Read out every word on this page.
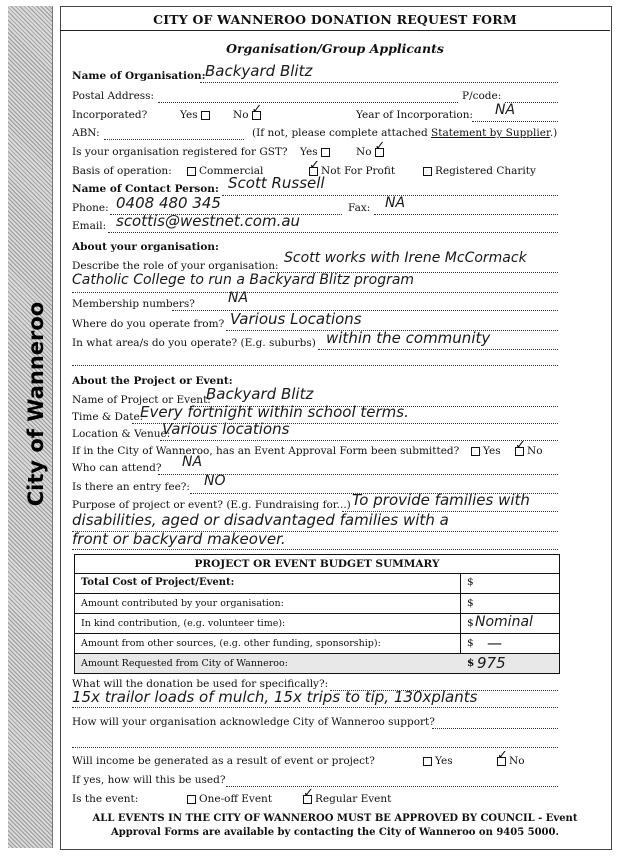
City of Wanneroo
CITY OF WANNEROO DONATION REQUEST FORM
Organisation/Group Applicants
Name of Organisation: Backyard Blitz
Postal Address:	P/code:
Incorporated?	Yes	No ✓	Year of Incorporation: NA
ABN:	(If not, please complete attached Statement by Supplier.)
Is your organisation registered for GST? Yes	No✓
Basis of operation:	Commercial ✓	Not For Profit	Registered Charity
Name of Contact Person: Scott Russell
Phone: 0408 480 345	Fax: NA
Email: scottis@westnet.com.au
About your organisation:
Describe the role of your organisation: Scott works with Irene McCormack
Catholic College to run a Backyard Blitz program
Membership numbers? NA
Where do you operate from? Various Locations
In what area/s do you operate? (E.g. suburbs) within the community
About the Project or Event:
Name of Project or Event:
Backyard Blitz
Time & Date:
Every fortnight within school terms.
Location & Venue:
Various locations
If in the City of Wanneroo, has an Event Approval Form been submitted?	Yes ✓	No
Who can attend? NA
Is there an entry fee?: NO
Purpose of project or event? (E.g. Fundraising for...) To provide families with
disabilities, aged or disadvantaged families with a
front or backyard makeover.
PROJECT OR EVENT BUDGET SUMMARY
Total Cost of Project/Event:	$
Amount contributed by your organisation:	$
In kind contribution, (e.g. volunteer time):	$ Nominal
Amount from other sources, (e.g. other funding, sponsorship):	$ —
Amount Requested from City of Wanneroo:	$ 975
What will the donation be used for specifically?:
15x trailor loads of mulch, 15x trips to tip, 130xplants
How will your organisation acknowledge City of Wanneroo support?
Will income be generated as a result of event or project?	Yes ✓	No
If yes, how will this be used?
Is the event:	One-off Event ✓	Regular Event
ALL EVENTS IN THE CITY OF WANNEROO MUST BE APPROVED BY COUNCIL - Event
Approval Forms are available by contacting the City of Wanneroo on 9405 5000.
